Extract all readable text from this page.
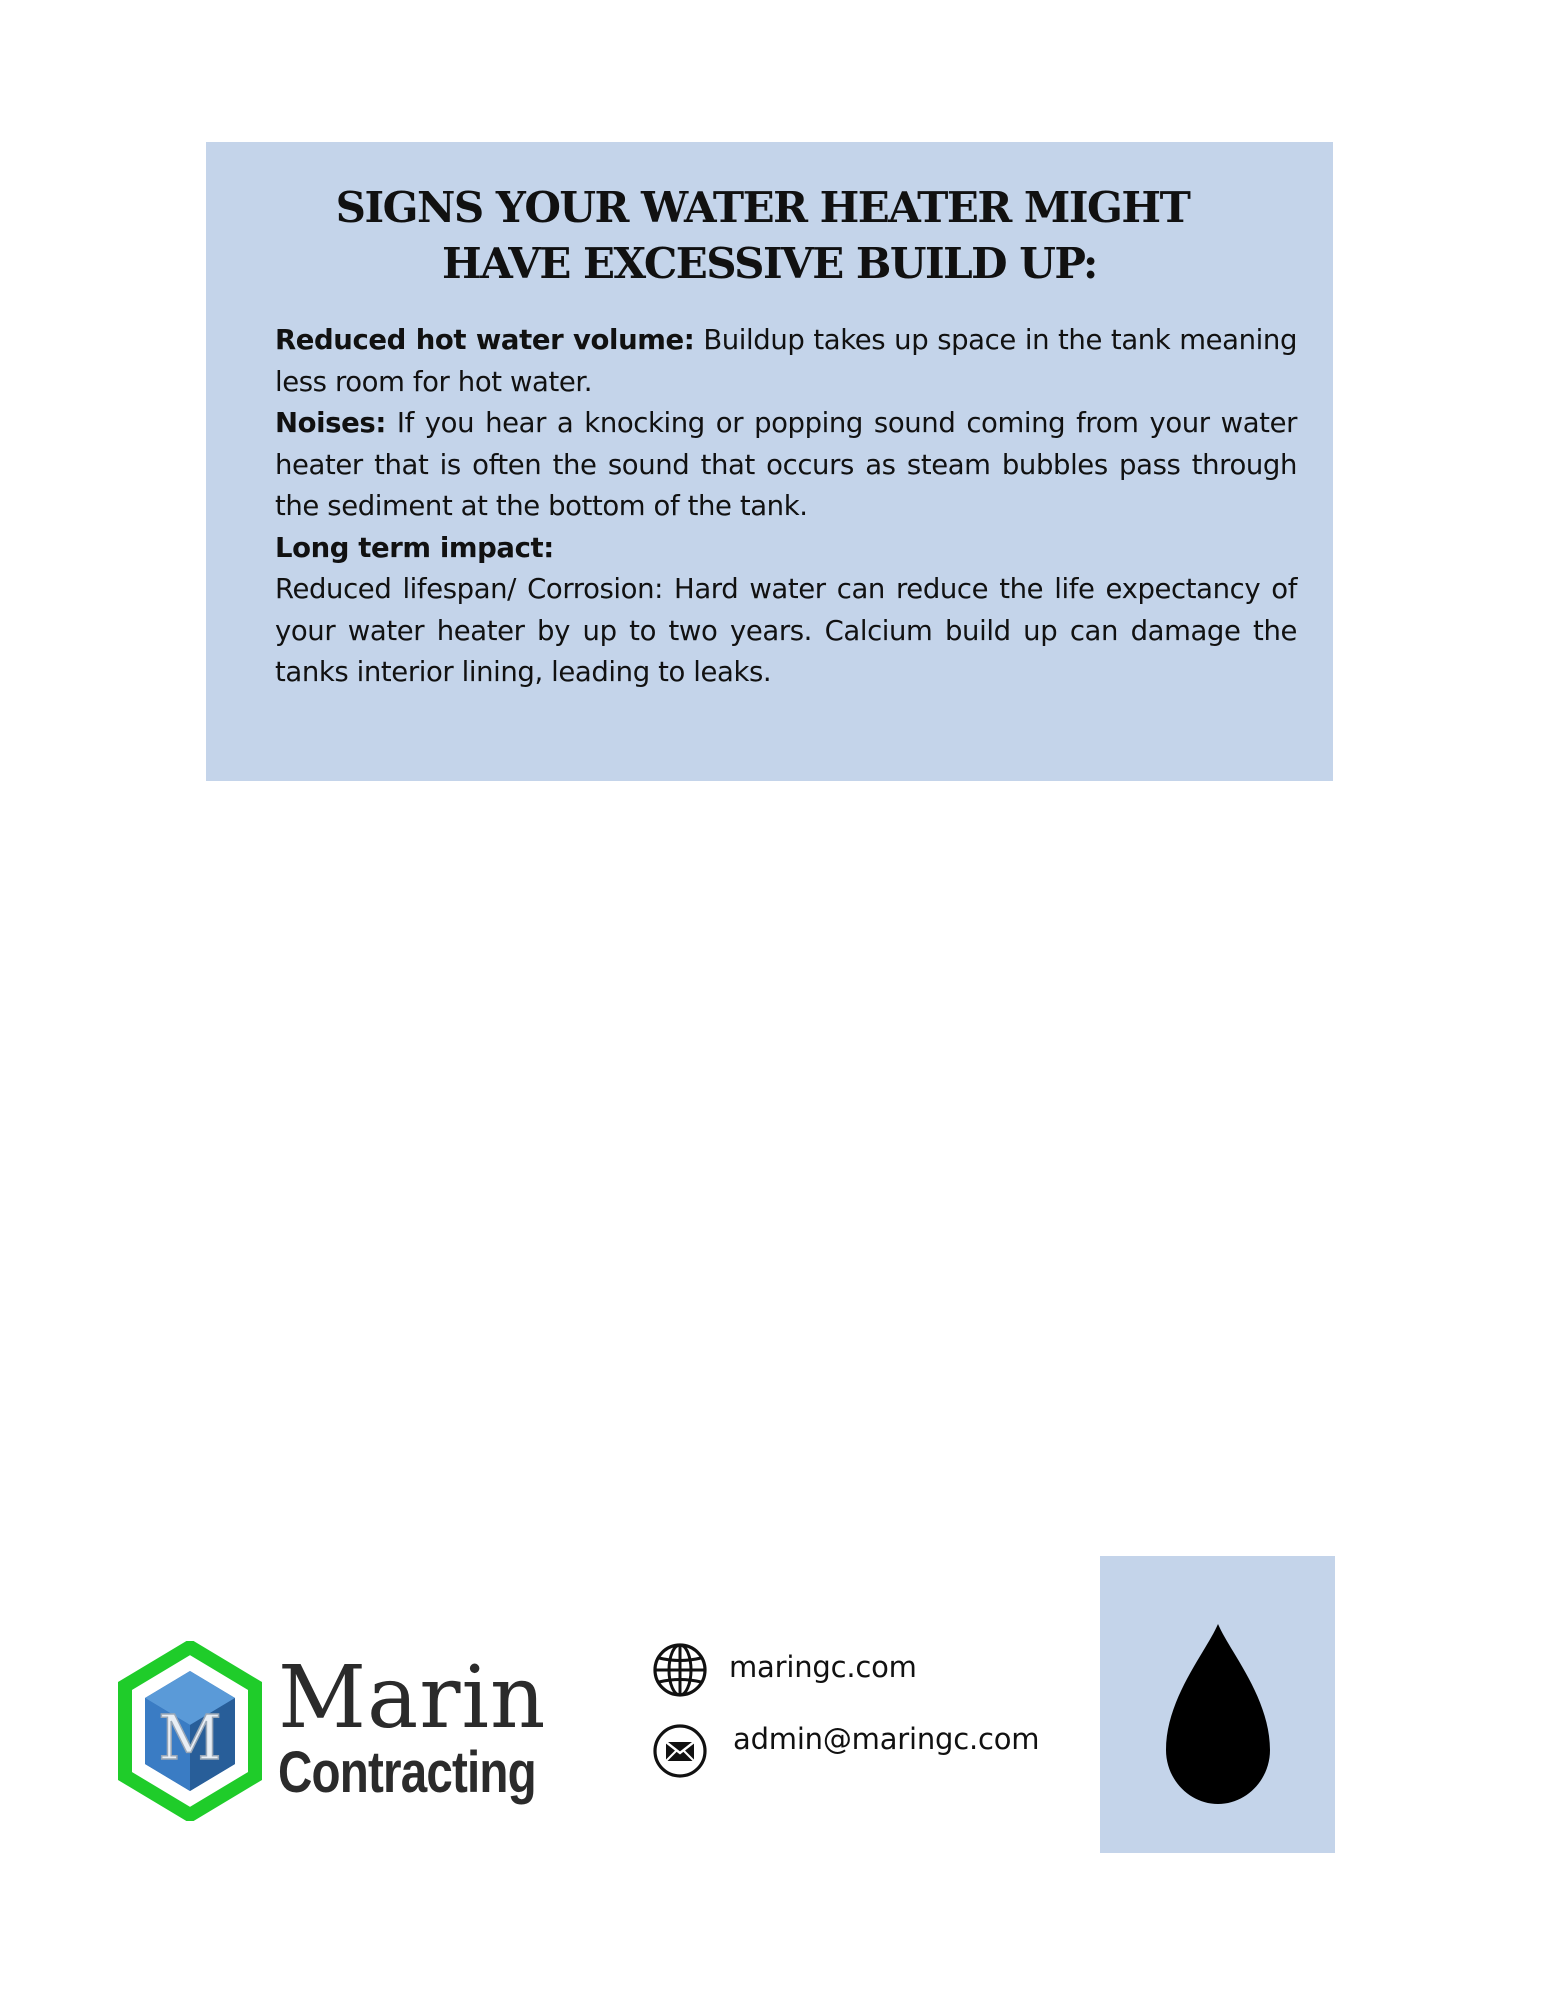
SIGNS YOUR WATER HEATER MIGHT
HAVE EXCESSIVE BUILD UP:

Reduced hot water volume: Buildup takes up space in the tank meaning less room for hot water.

Noises: If you hear a knocking or popping sound coming from your water heater that is often the sound that occurs as steam bubbles pass through the sediment at the bottom of the tank.

Long term impact:

Reduced lifespan/ Corrosion: Hard water can reduce the life expectancy of your water heater by up to two years. Calcium build up can damage the tanks interior lining, leading to leaks.

M Marin
Contracting
maringc.com
admin@maringc.com
